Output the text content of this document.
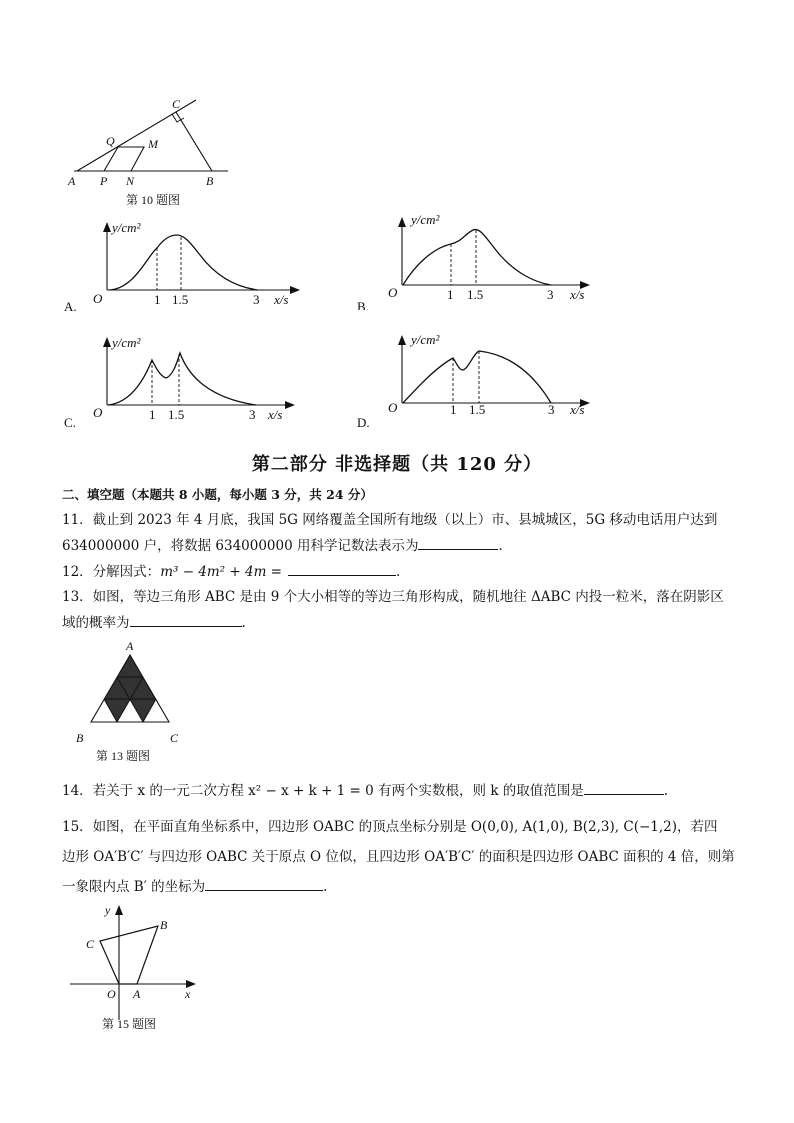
A P N	B
Q	M
C
第 10 题图
y/cm²
O	1 1.5	3 x/s
A.
y/cm²
O	1 1.5	3 x/s
B.
y/cm²
O	1 1.5	3 x/s
C.
y/cm²
O	1 1.5	3 x/s
D.
第二部分 非选择题（共 120 分）
二、填空题（本题共 8 小题，每小题 3 分，共 24 分）
11．截止到 2023 年 4 月底，我国 5G 网络覆盖全国所有地级（以上）市、县城城区，5G 移动电话用户达到
634000000 户，将数据 634000000 用科学记数法表示为	.
12．分解因式：m³ − 4m² + 4m =	.
13．如图，等边三角形 ABC 是由 9 个大小相等的等边三角形构成，随机地往 ΔABC 内投一粒米，落在阴影区
域的概率为	.
A
B	C
第 13 题图
14．若关于 x 的一元二次方程 x² − x + k + 1 = 0 有两个实数根，则 k 的取值范围是	.
15．如图，在平面直角坐标系中，四边形 OABC 的顶点坐标分别是 O(0,0), A(1,0), B(2,3), C(−1,2)，若四
边形 OA′B′C′ 与四边形 OABC 关于原点 O 位似，且四边形 OA′B′C′ 的面积是四边形 OABC 面积的 4 倍，则第
一象限内点 B′ 的坐标为	.
y
x
O A
B
C
第 15 题图
